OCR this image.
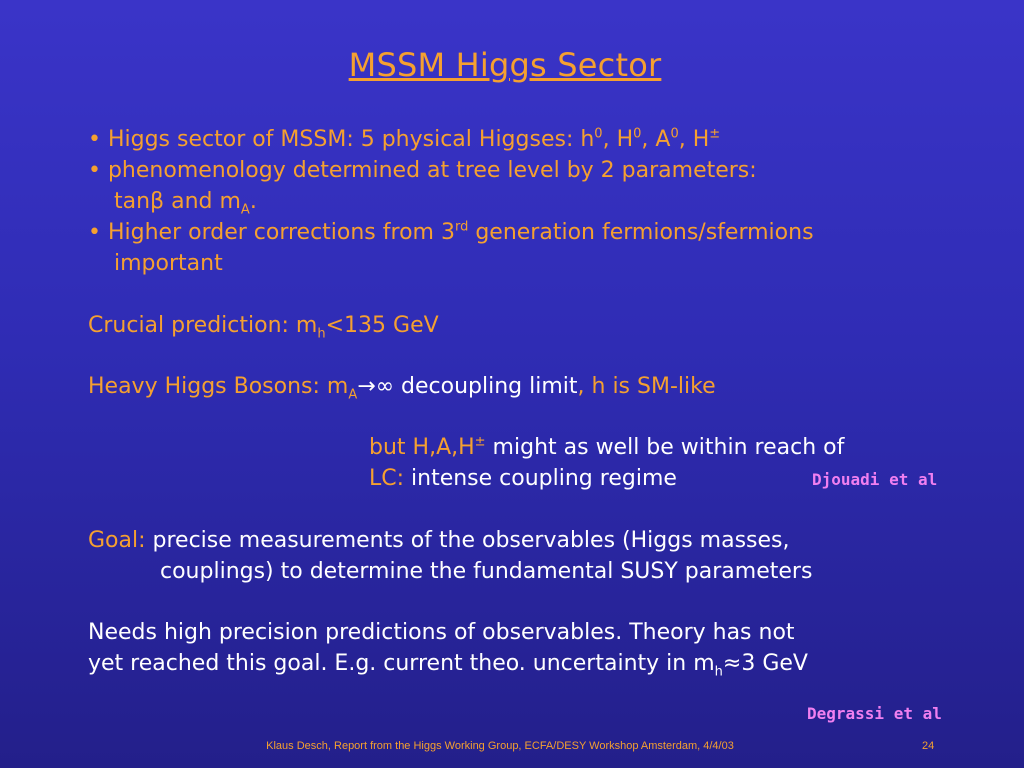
MSSM Higgs Sector
• Higgs sector of MSSM: 5 physical Higgses: $h^0$, $H^0$, $A^0$, H±
• phenomenology determined at tree level by 2 parameters:
tanβ and $m_A$.
• Higher order corrections from 3rd generation fermions/sfermions
important
Crucial prediction: $m_h<135$ GeV
Heavy Higgs Bosons: $m_A\to\infty$ decoupling limit, h is SM-like
but H,A,H± might as well be within reach of
LC: intense coupling regime	Djouadi et al
Goal: precise measurements of the observables (Higgs masses,
couplings) to determine the fundamental SUSY parameters
Needs high precision predictions of observables. Theory has not
yet reached this goal. E.g. current theo. uncertainty in $m_h\approx 3$ GeV
Degrassi et al
Klaus Desch, Report from the Higgs Working Group, ECFA/DESY Workshop Amsterdam, 4/4/03	24
